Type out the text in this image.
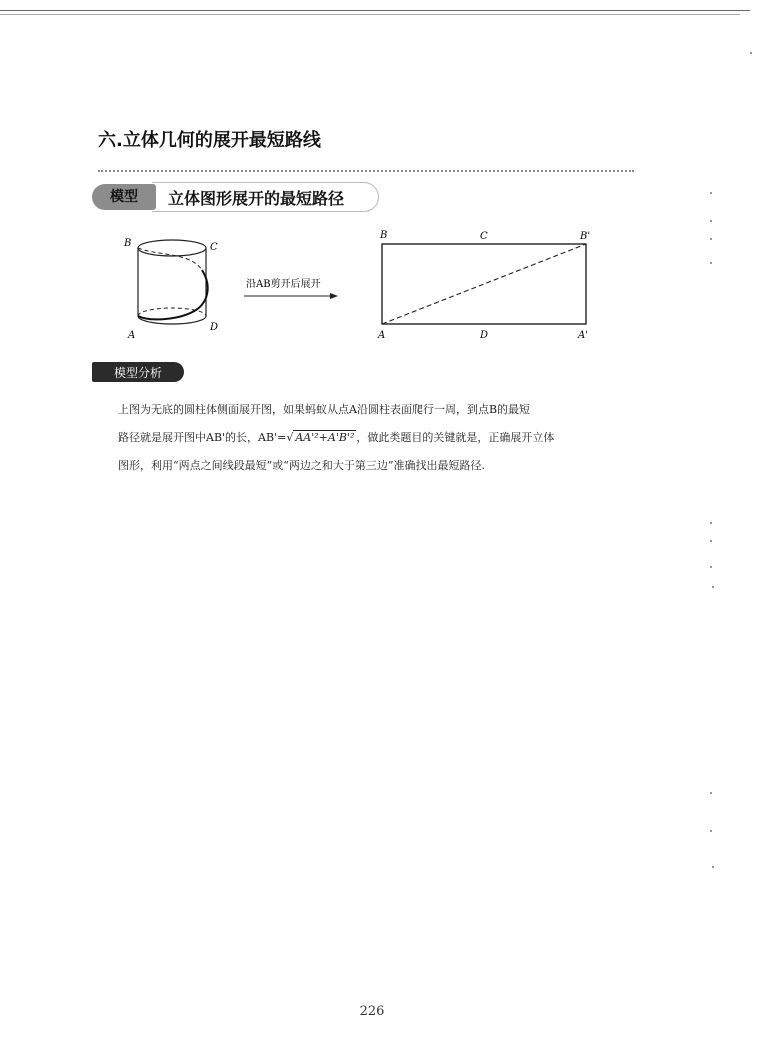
六.立体几何的展开最短路线
模型	立体图形展开的最短路径
B	C
A
D
沿AB剪开后展开
B	C	B'
A	D	A'
模型分析

上图为无底的圆柱体侧面展开图，如果蚂蚁从点A沿圆柱表面爬行一周，到点B的最短

路径就是展开图中AB'的长，AB'=√ AA'²+A'B'² ，做此类题目的关键就是，正确展开立体

图形，利用“两点之间线段最短”或“两边之和大于第三边”准确找出最短路径.

226
